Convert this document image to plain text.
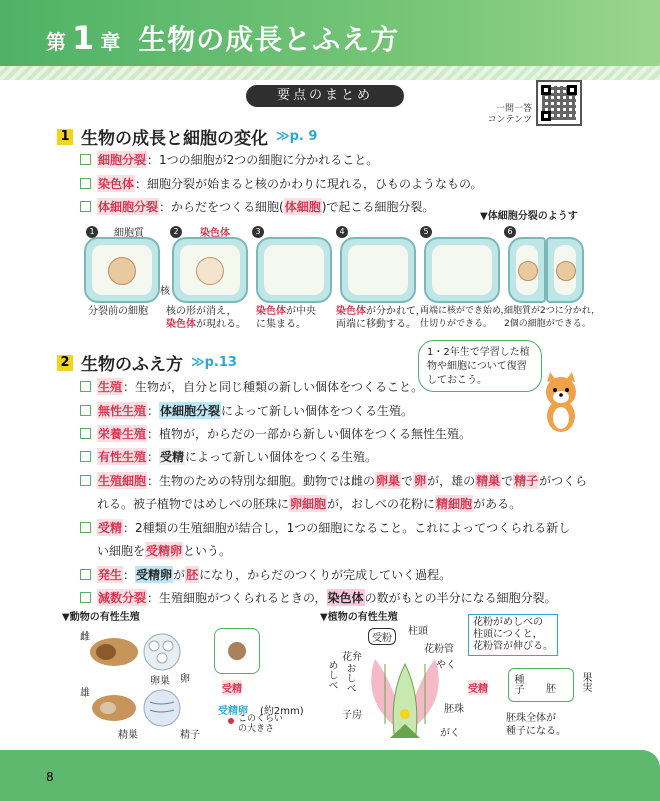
第 1 章 生物の成長とふえ方
要点のまとめ
一問一答
コンテンツ
1 生物の成長と細胞の変化 ≫p. 9
細胞分裂 ：1つの細胞が2つの細胞に分かれること。
染色体 ：細胞分裂が始まると核のかわりに現れる，ひものようなもの。
体細胞分裂 ：からだをつくる細胞( 体細胞 )で起こる細胞分裂。
▼体細胞分裂のようす
1	細胞質
核
2	染色体	3	4	5	6
分裂前の細胞 核の形が消え，
染色体が現れる。
染色体が中央
に集まる。
染色体が分かれて，
両端に移動する。
両端に核ができ始め，
仕切りができる。
細胞質が2つに分かれ，
2個の細胞ができる。
2 生物のふえ方 ≫p.13
1・2年生で学習した植物や細胞について復習しておこう。
生殖 ：生物が，自分と同じ種類の新しい個体をつくること。
無性生殖 ： 体細胞分裂 によって新しい個体をつくる生殖。
栄養生殖 ：植物が，からだの一部から新しい個体をつくる無性生殖。
有性生殖 ： 受精 によって新しい個体をつくる生殖。
生殖細胞 ：生物のための特別な細胞。動物では雌の 卵巣 で 卵 が，雄の 精巣 で 精子 がつくら
れる。被子植物ではめしべの胚珠に 卵細胞 が，おしべの花粉に 精細胞 がある。
受精 ：2種類の生殖細胞が結合し，1つの細胞になること。これによってつくられる新し
い細胞を 受精卵 という。
発生 ： 受精卵 が 胚 になり，からだのつくりが完成していく過程。
減数分裂 ：生殖細胞がつくられるときの， 染色体 の数がもとの半分になる細胞分裂。
▼動物の有性生殖
雌
雄
卵巣 卵
精巣	精子
受精
受精卵 (約2mm)
このくらい
の大きさ
▼植物の有性生殖
受粉
柱頭
花粉管
やく
花弁
おしべ
めしべ
子房
胚珠
がく
花粉がめしべの
柱頭につくと，
花粉管が伸びる。
受精 種子 胚 果実
胚珠全体が
種子になる。
8
